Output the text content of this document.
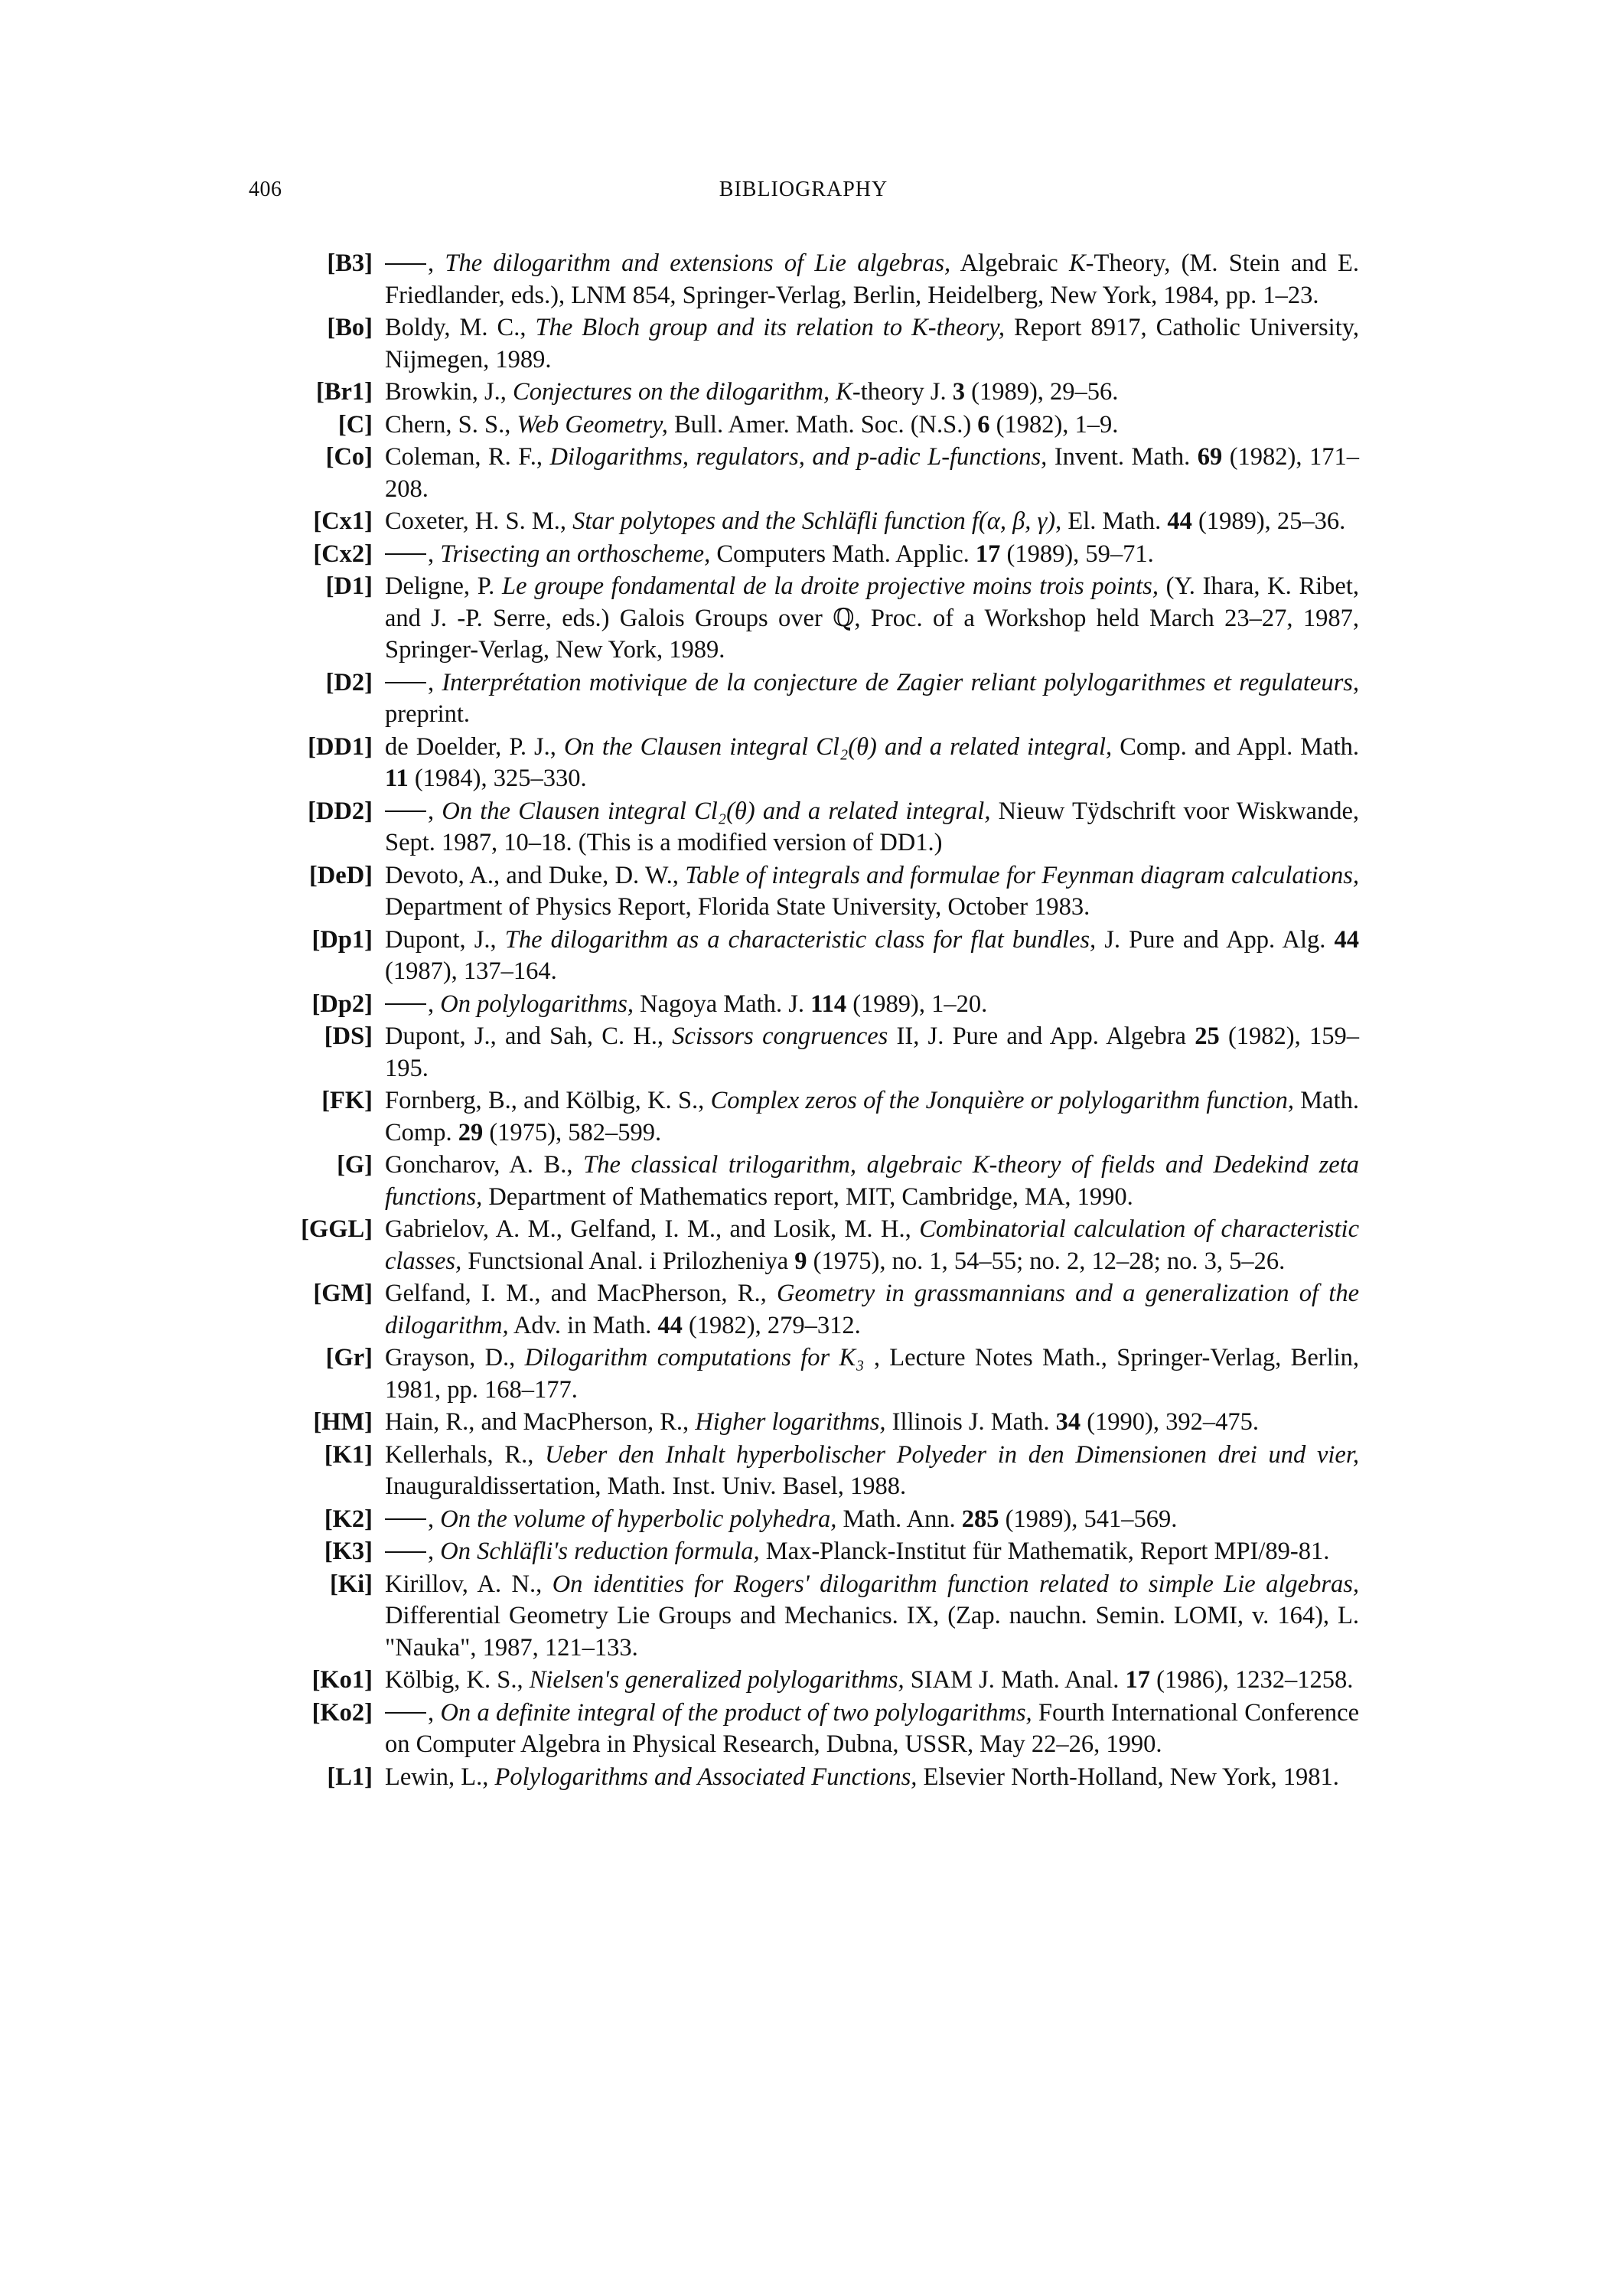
406	BIBLIOGRAPHY
[B3]	, The dilogarithm and extensions of Lie algebras, Algebraic K-Theory, (M. Stein and E. Friedlander, eds.), LNM 854, Springer-Verlag, Berlin, Heidelberg, New York, 1984, pp. 1–23.
[Bo] Boldy, M. C., The Bloch group and its relation to K-theory, Report 8917, Catholic University, Nijmegen, 1989.
[Br1] Browkin, J., Conjectures on the dilogarithm, K-theory J. 3 (1989), 29–56.
[C] Chern, S. S., Web Geometry, Bull. Amer. Math. Soc. (N.S.) 6 (1982), 1–9.
[Co] Coleman, R. F., Dilogarithms, regulators, and p-adic L-functions, Invent. Math. 69 (1982), 171–208.
[Cx1] Coxeter, H. S. M., Star polytopes and the Schläfli function f(α, β, γ), El. Math. 44 (1989), 25–36.
[Cx2]	, Trisecting an orthoscheme, Computers Math. Applic. 17 (1989), 59–71.
[D1] Deligne, P. Le groupe fondamental de la droite projective moins trois points, (Y. Ihara, K. Ribet, and J. -P. Serre, eds.) Galois Groups over ℚ, Proc. of a Workshop held March 23–27, 1987, Springer-Verlag, New York, 1989.
[D2]	, Interprétation motivique de la conjecture de Zagier reliant polylogarithmes et regulateurs, preprint.
[DD1] de Doelder, P. J., On the Clausen integral Cl₂(θ) and a related integral, Comp. and Appl. Math. 11 (1984), 325–330.
[DD2]	, On the Clausen integral Cl₂(θ) and a related integral, Nieuw Tÿdschrift voor Wiskwande, Sept. 1987, 10–18. (This is a modified version of DD1.)
[DeD] Devoto, A., and Duke, D. W., Table of integrals and formulae for Feynman diagram calculations, Department of Physics Report, Florida State University, October 1983.
[Dp1] Dupont, J., The dilogarithm as a characteristic class for flat bundles, J. Pure and App. Alg. 44 (1987), 137–164.
[Dp2]	, On polylogarithms, Nagoya Math. J. 114 (1989), 1–20.
[DS] Dupont, J., and Sah, C. H., Scissors congruences II, J. Pure and App. Algebra 25 (1982), 159–195.
[FK] Fornberg, B., and Kölbig, K. S., Complex zeros of the Jonquière or polylogarithm function, Math. Comp. 29 (1975), 582–599.
[G] Goncharov, A. B., The classical trilogarithm, algebraic K-theory of fields and Dedekind zeta functions, Department of Mathematics report, MIT, Cambridge, MA, 1990.
[GGL] Gabrielov, A. M., Gelfand, I. M., and Losik, M. H., Combinatorial calculation of characteristic classes, Functsional Anal. i Prilozheniya 9 (1975), no. 1, 54–55; no. 2, 12–28; no. 3, 5–26.
[GM] Gelfand, I. M., and MacPherson, R., Geometry in grassmannians and a generalization of the dilogarithm, Adv. in Math. 44 (1982), 279–312.
[Gr] Grayson, D., Dilogarithm computations for K₃ , Lecture Notes Math., Springer-Verlag, Berlin, 1981, pp. 168–177.
[HM] Hain, R., and MacPherson, R., Higher logarithms, Illinois J. Math. 34 (1990), 392–475.
[K1] Kellerhals, R., Ueber den Inhalt hyperbolischer Polyeder in den Dimensionen drei und vier, Inauguraldissertation, Math. Inst. Univ. Basel, 1988.
[K2]	, On the volume of hyperbolic polyhedra, Math. Ann. 285 (1989), 541–569.
[K3]	, On Schläfli's reduction formula, Max-Planck-Institut für Mathematik, Report MPI/89-81.
[Ki] Kirillov, A. N., On identities for Rogers' dilogarithm function related to simple Lie algebras, Differential Geometry Lie Groups and Mechanics. IX, (Zap. nauchn. Semin. LOMI, v. 164), L. "Nauka", 1987, 121–133.
[Ko1] Kölbig, K. S., Nielsen's generalized polylogarithms, SIAM J. Math. Anal. 17 (1986), 1232–1258.
[Ko2]	, On a definite integral of the product of two polylogarithms, Fourth International Conference on Computer Algebra in Physical Research, Dubna, USSR, May 22–26, 1990.
[L1] Lewin, L., Polylogarithms and Associated Functions, Elsevier North-Holland, New York, 1981.
